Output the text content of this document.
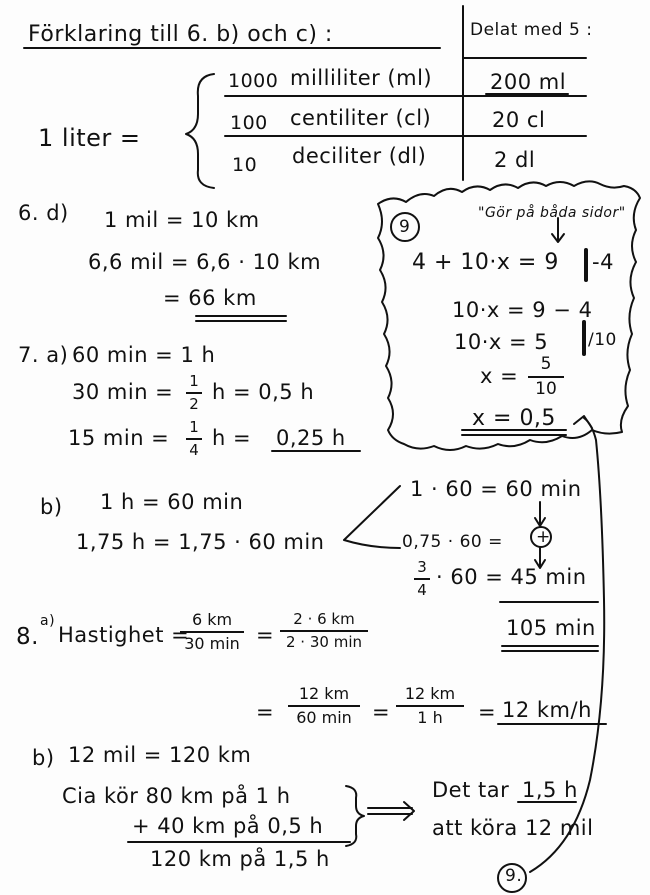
Förklaring till 6. b) och c) :	Delat med 5 :
1 liter =
1000 milliliter (ml)	200 ml
100 centiliter (cl)	20 cl
10 deciliter (dl)	2 dl
6. d) 1 mil = 10 km
6,6 mil = 6,6 · 10 km
= 66 km
9
"Gör på båda sidor"
4 + 10·x = 9 -4
10·x = 9 − 4
10·x = 5 /10
x = 5
10
x = 0,5
7. a) 60 min = 1 h
30 min = 1
2 h = 0,5 h
15 min = 1
4 h = 0,25 h
b) 1 h = 60 min
1,75 h = 1,75 · 60 min
1 · 60 = 60 min
0,75 · 60 = +
3
4
· 60 = 45 min
105 min
8.
a)
Hastighet =
6 km
30 min =
2 · 6 km
2 · 30 min
=
12 km
60 min =
12 km
1 h = 12 km/h
b) 12 mil = 120 km
Cia kör 80 km på 1 h
+ 40 km på 0,5 h
120 km på 1,5 h
Det tar 1,5 h
att köra 12 mil
9.
